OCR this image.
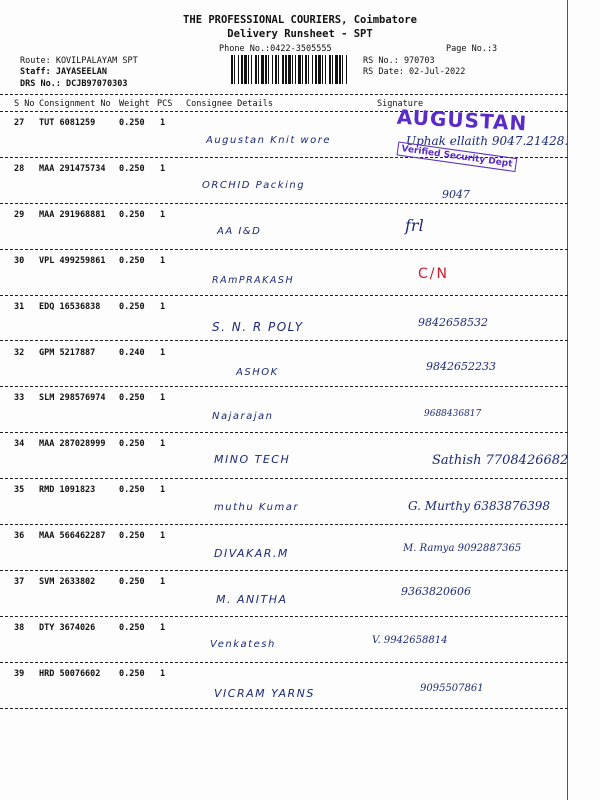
THE PROFESSIONAL COURIERS, Coimbatore
Delivery Runsheet - SPT
Phone No.:0422-3505555	Page No.:3
Route: KOVILPALAYAM SPT
Staff: JAYASEELAN
DRS No.: DCJB97070303
RS No.: 970703
RS Date: 02-Jul-2022
S No Consignment No Weight PCS Consignee Details	Signature
27 TUT 6081259	0.250 1
Augustan Knit wore	Uphak ellaith 9047.21428.
28 MAA 291475734 0.250 1
ORCHID Packing
9047
29 MAA 291968881 0.250 1
AA I&D	frl
30 VPL 499259861 0.250 1
RAmPRAKASH	C/N
31 EDQ 16536838 0.250 1
S. N. R POLY	9842658532
32 GPM 5217887	0.240 1
ASHOK	9842652233
33 SLM 298576974 0.250 1
Najarajan	9688436817
34 MAA 287028999 0.250 1
MINO TECH	Sathish 7708426682
35 RMD 1091823	0.250 1
muthu Kumar	G. Murthy 6383876398
36 MAA 566462287 0.250 1
DIVAKAR.M	M. Ramya 9092887365
37 SVM 2633802	0.250 1
M. ANITHA
9363820606
38 DTY 3674026	0.250 1
Venkatesh	V. 9942658814
39 HRD 50076602 0.250 1
VICRAM YARNS	9095507861
AUGUSTAN
Verified Security Dept
